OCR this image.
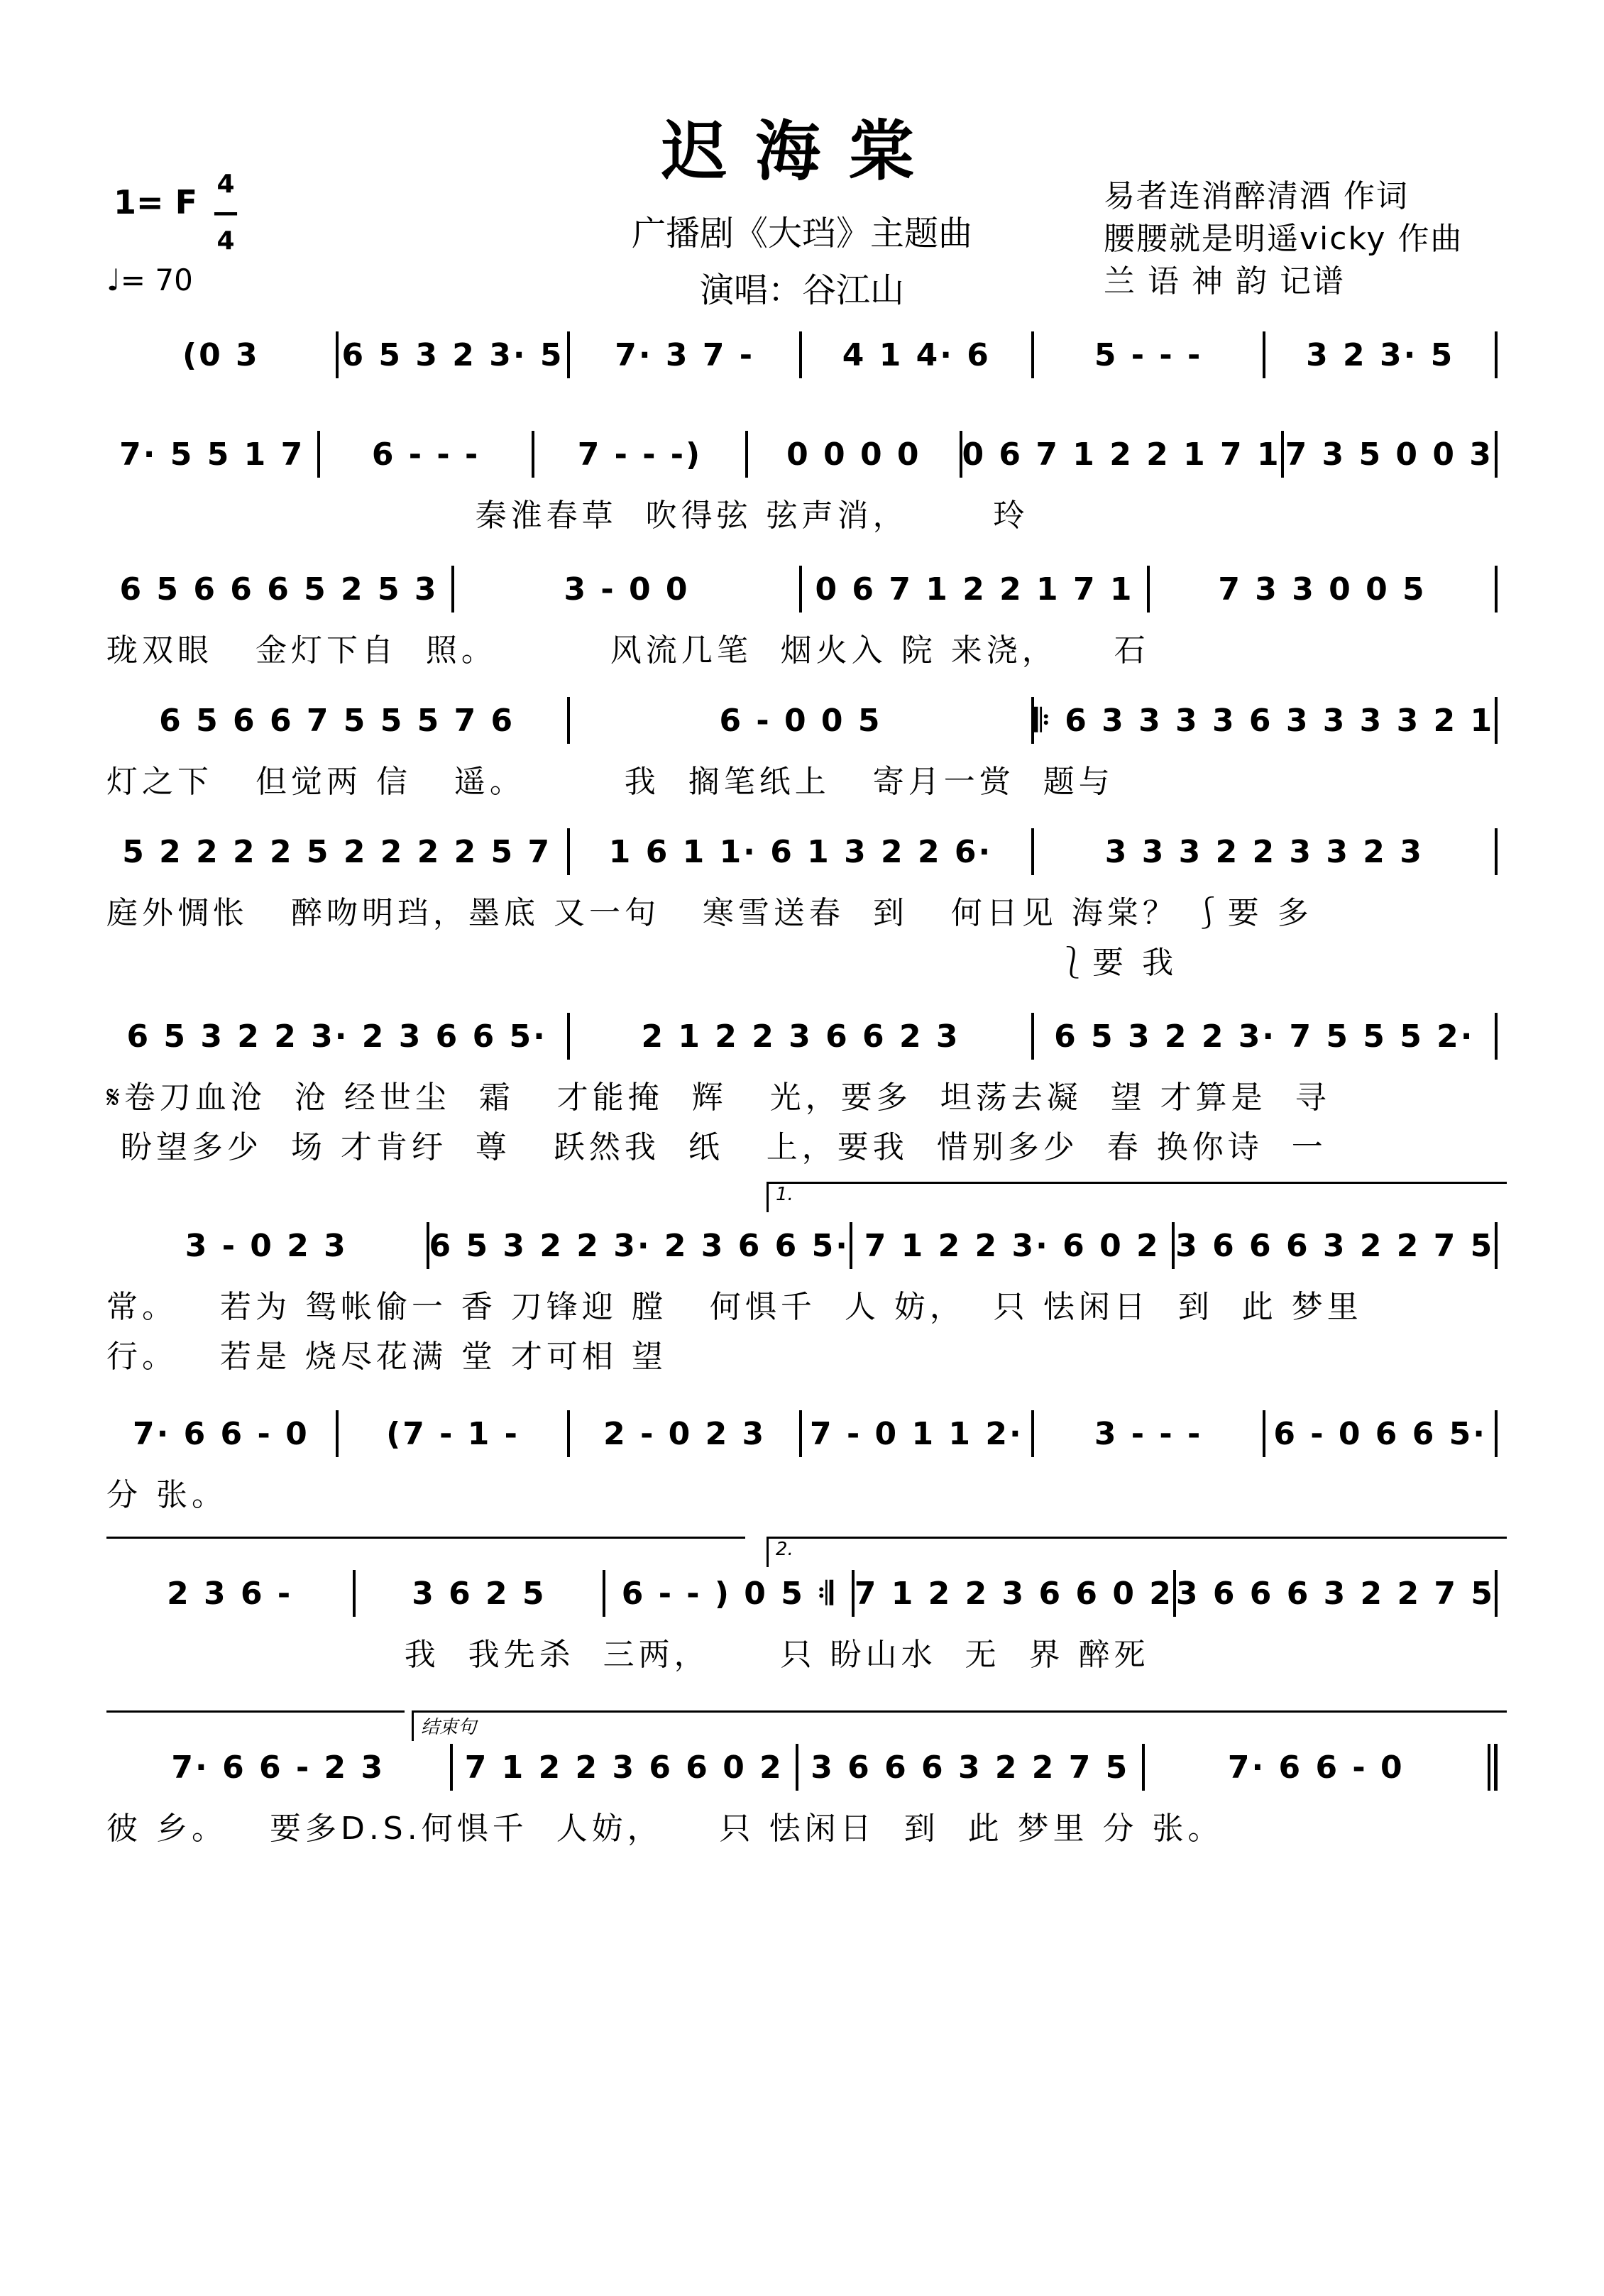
迟海棠
广播剧《大珰》主题曲
演唱：谷江山
易者连消醉清酒 作词
腰腰就是明遥vicky 作曲
兰 语 神 韵 记谱
1= F 4
—
4
♩= 70
1.
2.
结束句
(0 3	6 5 3 2 3· 5	7· 3 7 -	4 1 4· 6	5 - - -	3 2 3· 5
7· 5 5 1 7	6 - - -	7 - - -)	0 0 0 0	0 6 7 1 2 2 1 7 1 7 3 5 0 0 3
秦淮春草  吹得弦 弦声消，      玲
6 5 6 6 6 5 2 5 3	3 - 0 0	0 6 7 1 2 2 1 7 1	7 3 3 0 0 5
珑双眼   金灯下自  照。        风流几笔  烟火入 院 来浇，    石
6 5 6 6 7 5 5 5 7 6	6 - 0 0 5	𝄆 6 3 3 3 3 6 3 3 3 3 2 1
灯之下   但觉两 信   遥。       我  搁笔纸上   寄月一赏  题与
5 2 2 2 2 5 2 2 2 2 5 7	1 6 1 1· 6 1 3 2 2 6·	3 3 3 2 2 3 3 2 3
庭外惆怅   醉吻明珰，墨底 又一句   寒雪送春  到   何日见 海棠？ ⎰要 多
⎱要 我
6 5 3 2 2 3· 2 3 6 6 5·	2 1 2 2 3 6 6 2 3	6 5 3 2 2 3· 7 5 5 5 2·
𝄋卷刀血沧  沧 经世尘  霜   才能掩  辉   光，要多  坦荡去凝  望 才算是  寻
盼望多少  场 才肯纡  尊   跃然我  纸   上，要我  惜别多少  春 换你诗  一
3 - 0 2 3	6 5 3 2 2 3· 2 3 6 6 5· 7 1 2 2 3· 6 0 2 3 6 6 6 3 2 2 7 5
常。   若为 鸳帐偷一 香 刀锋迎 膛   何惧千  人 妨，  只 怯闲日  到  此 梦里
行。   若是 烧尽花满 堂 才可相 望
7· 6 6 - 0	(7 - 1 -	2 - 0 2 3	7 - 0 1 1 2·	3 - - -	6 - 0 6 6 5·
分 张。
2 3 6 -	3 6 2 5	6 - - ) 0 5 𝄇 7 1 2 2 3 6 6 0 2 3 6 6 6 3 2 2 7 5
我  我先杀  三两，     只 盼山水  无  界 醉死
7· 6 6 - 2 3	7 1 2 2 3 6 6 0 2 3 6 6 6 3 2 2 7 5	7· 6 6 - 0
彼 乡。   要多D.S.何惧千  人妨，    只 怯闲日  到  此 梦里 分 张。
